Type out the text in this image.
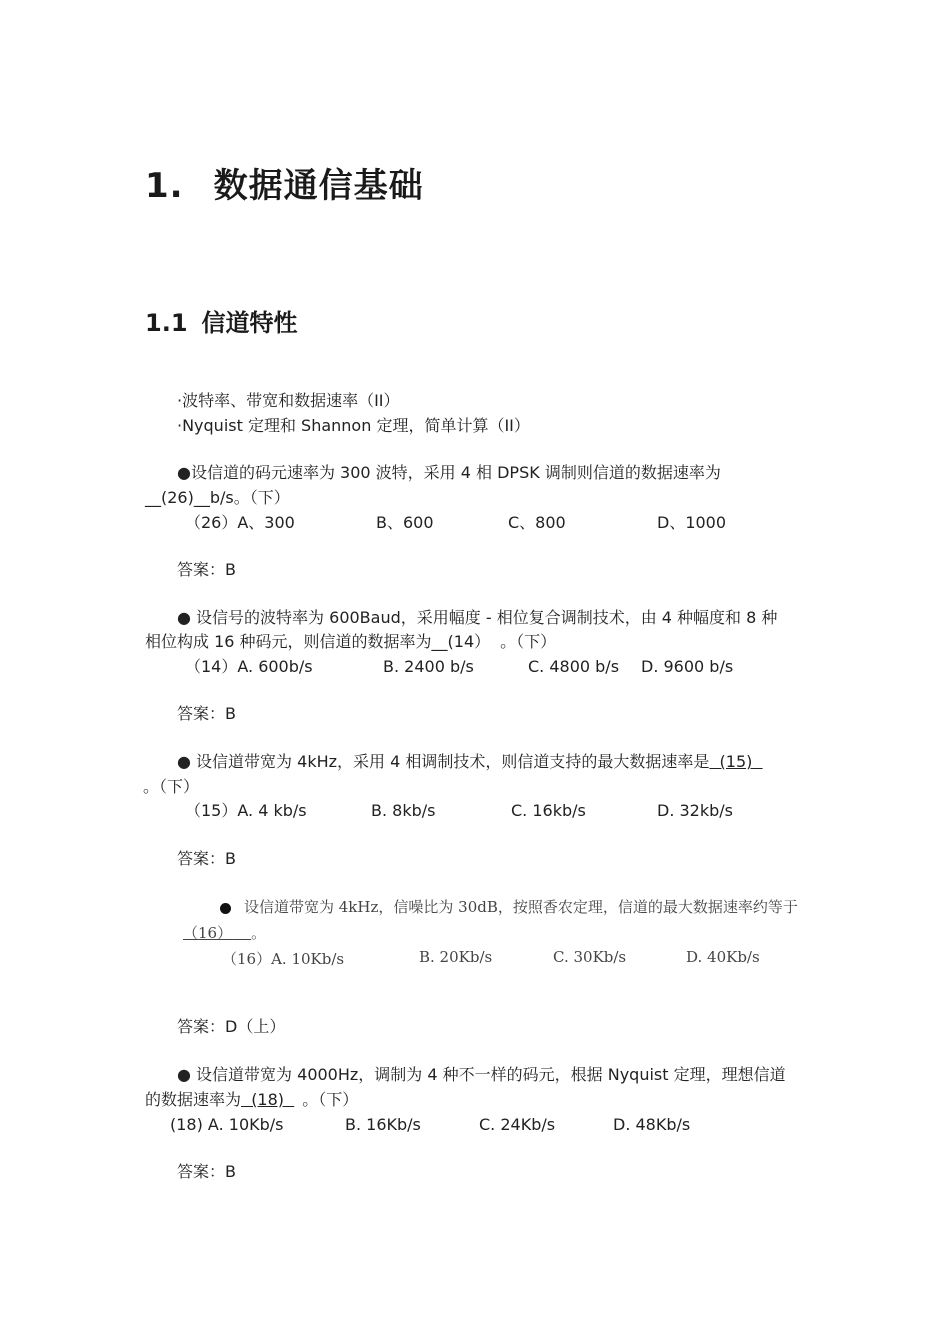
1. 数据通信基础
1.1 信道特性
·波特率、带宽和数据速率（II）
·Nyquist 定理和 Shannon 定理，简单计算（II）
●设信道的码元速率为 300 波特，采用 4 相 DPSK 调制则信道的数据速率为
__(26)__b/s。（下）
（26）A、300	B、600	C、800	D、1000
答案：B
● 设信号的波特率为 600Baud，采用幅度 - 相位复合调制技术，由 4 种幅度和 8 种
相位构成 16 种码元，则信道的数据率为__(14） 。（下）
（14）A. 600b/s	B. 2400 b/s	C. 4800 b/s D. 9600 b/s
答案：B
● 设信道带宽为 4kHz，采用 4 相调制技术，则信道支持的最大数据速率是  (15)
。（下）
（15）A. 4 kb/s	B. 8kb/s	C. 16kb/s	D. 32kb/s
答案：B
设信道带宽为 4kHz，信噪比为 30dB，按照香农定理，信道的最大数据速率约等于
（16） 。
（16）A. 10Kb/s	B. 20Kb/s	C. 30Kb/s	D. 40Kb/s
答案：D（上）
● 设信道带宽为 4000Hz，调制为 4 种不一样的码元，根据 Nyquist 定理，理想信道
的数据速率为  (18)  。（下）
(18) A. 10Kb/s	B. 16Kb/s	C. 24Kb/s	D. 48Kb/s
答案：B
